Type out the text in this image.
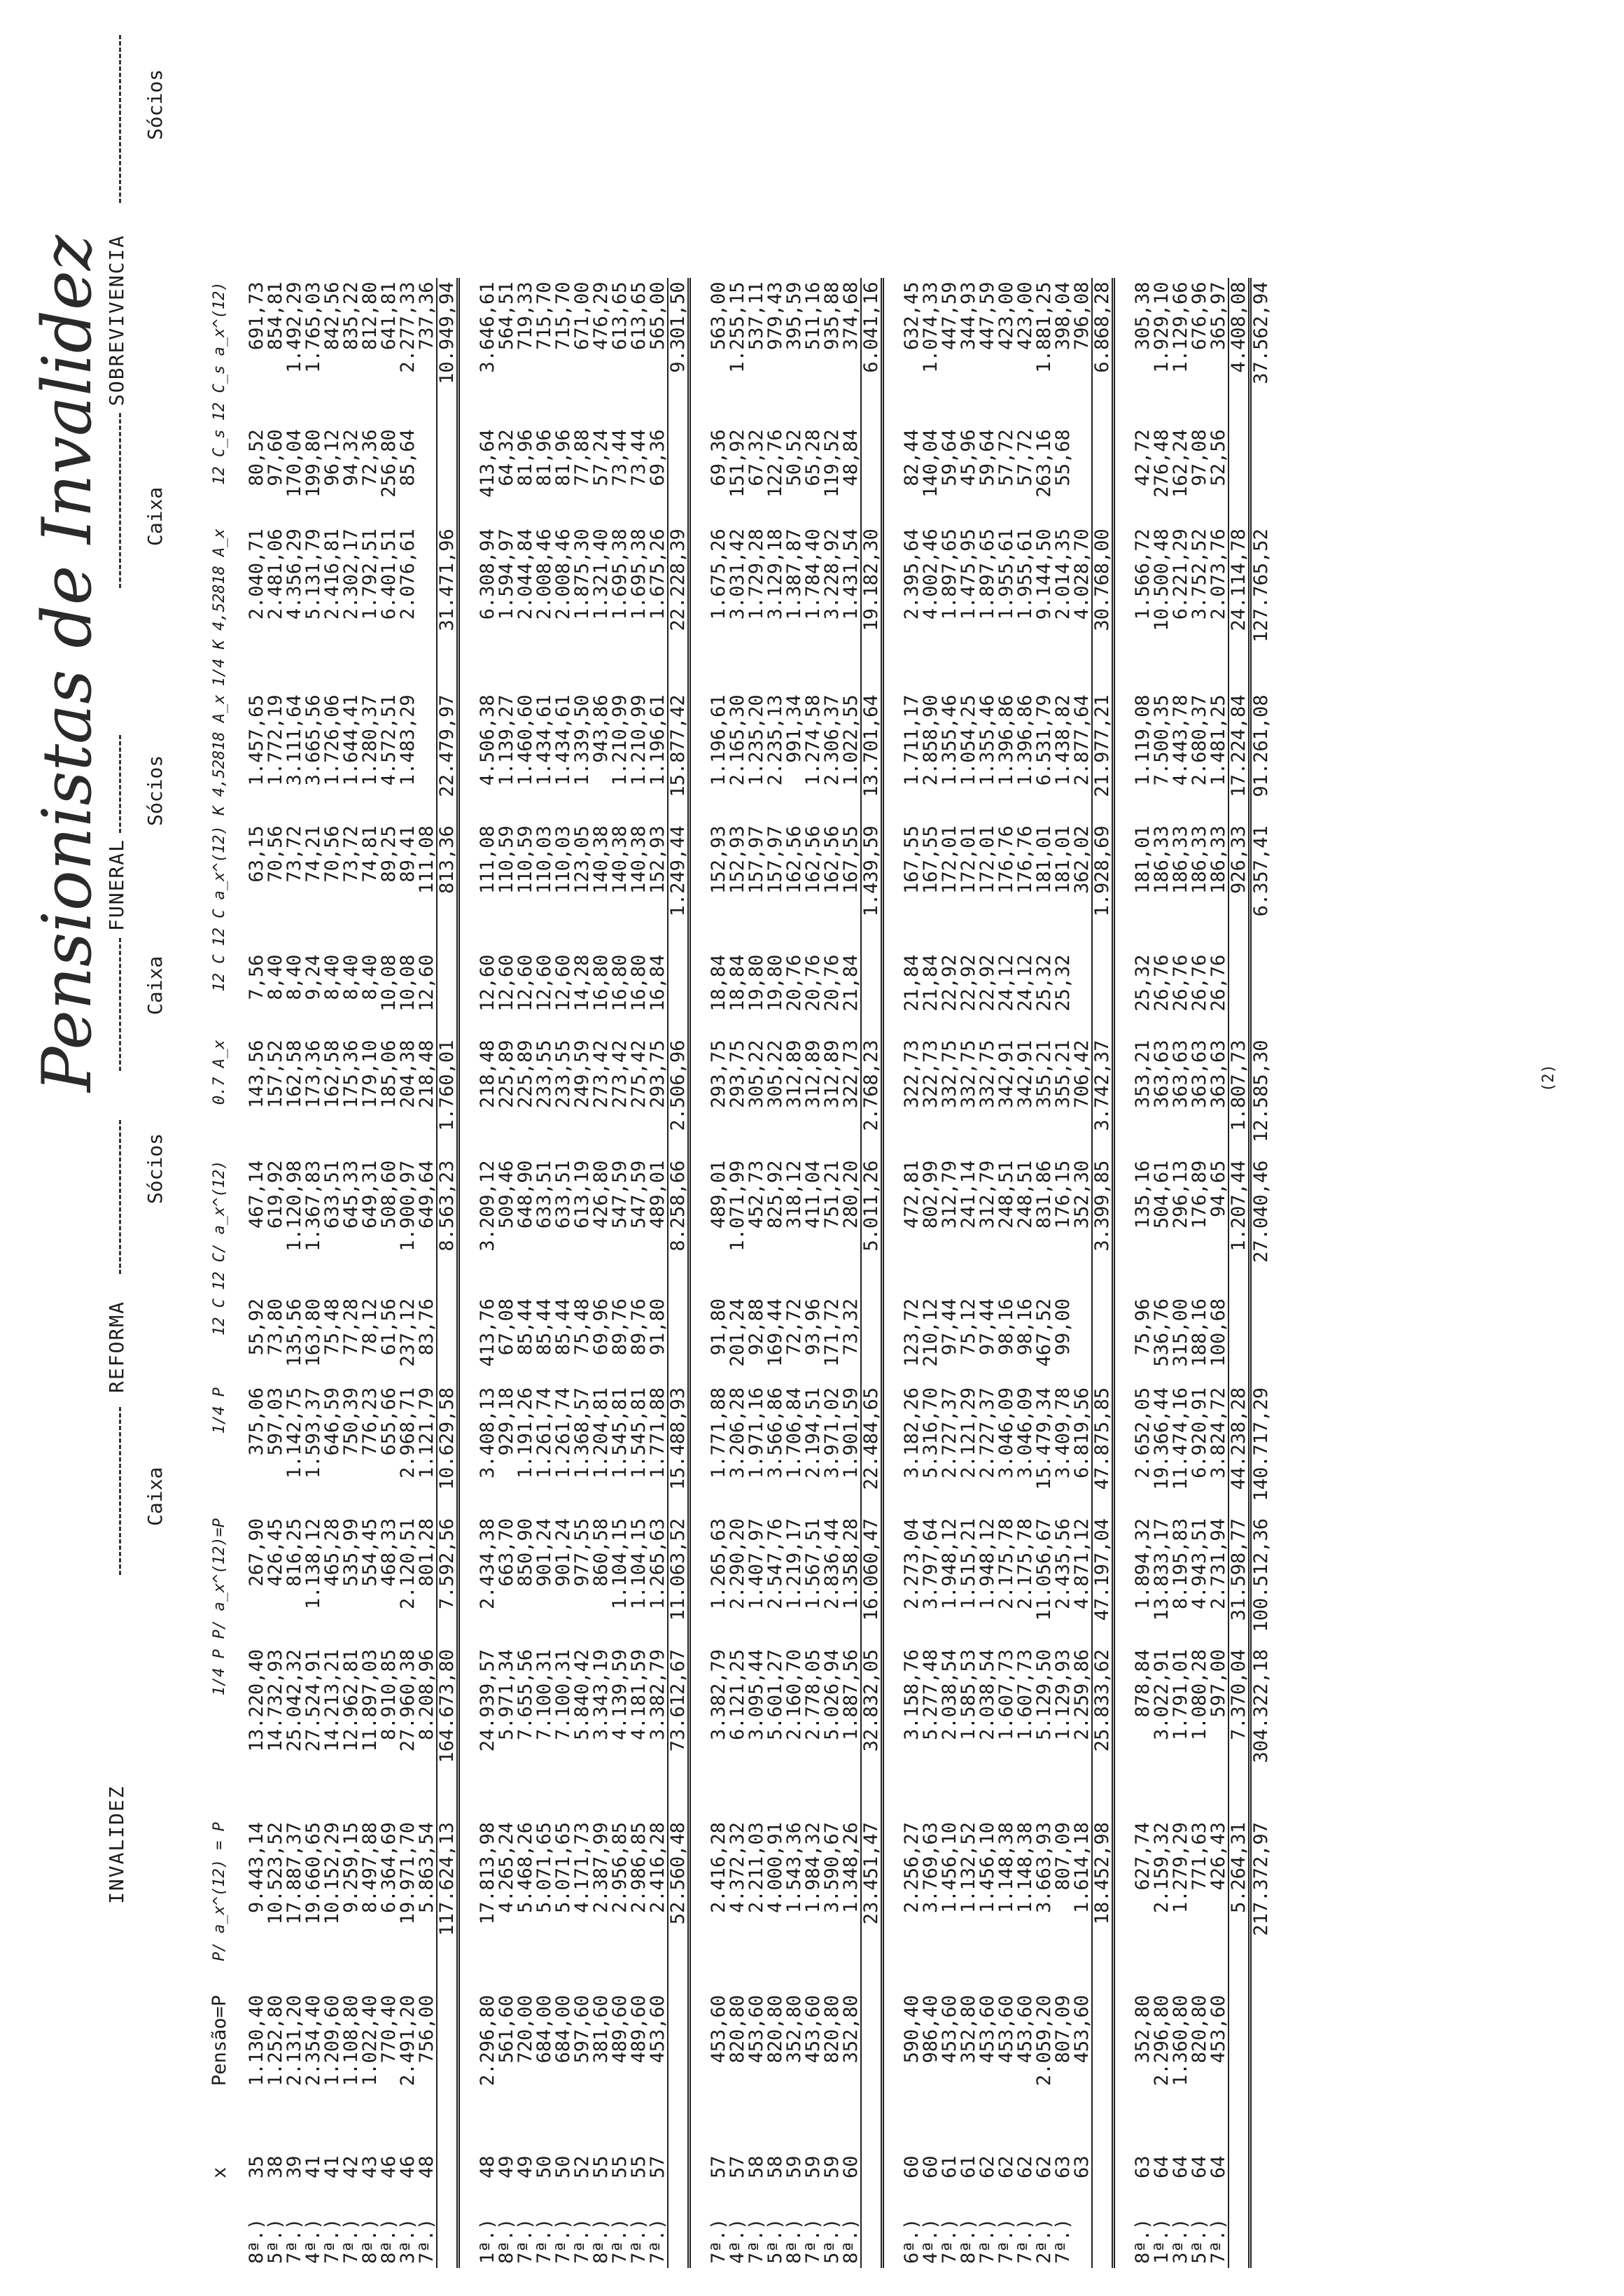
Pensionistas de Invalidez
INVALIDEZ
REFORMA
FUNERAL
SOBREVIVENCIA
Caixa
Sócios
Caixa
Sócios
Caixa
Sócios
	x	Pensão=P	P/ a_x^(12) = P	1/4 P	P/ a_x^(12)=P	1/4 P	12 C	12 C/ a_x^(12)	0.7 A_x	12 C	12 C a_x^(12)	K 4,52818 A_x	1/4 K 4,52818 A_x	12 C_s	12 C_s a_x^(12)

8ª.)	35	1.130,40	9.443,14	13.220,40	267,90	375,06	55,92	467,14	143,56	7,56	63,15	1.457,65	2.040,71	80,52	691,73
5ª.)	38	1.252,80	10.523,52	14.732,93	426,45	597,03	73,80	619,92	157,52	8,40	70,56	1.772,19	2.481,06	97,60	854,81
7ª.)	39	2.131,20	17.887,37	25.042,32	816,25	1.142,75	135,56	1.120,98	162,58	8,40	73,72	3.111,64	4.356,29	170,04	1.492,29
4ª.)	41	2.354,40	19.660,65	27.524,91	1.138,12	1.593,37	163,80	1.367,83	173,36	9,24	74,21	3.665,56	5.131,79	199,80	1.765,03
7ª.)	41	1.209,60	10.152,29	14.213,21	465,28	646,59	75,48	633,51	162,58	8,40	70,56	1.726,06	2.416,81	96,12	842,56
7ª.)	42	1.108,80	9.259,15	12.962,81	535,99	750,39	77,28	645,33	175,36	8,40	73,72	1.644,41	2.302,17	94,32	835,22
8ª.)	43	1.022,40	8.497,88	11.897,03	554,45	776,23	78,12	649,31	179,10	8,40	74,81	1.280,37	1.792,51	72,36	812,80
8ª.)	46	770,40	6.364,69	8.910,85	468,33	655,66	61,56	508,60	185,06	10,08	89,25	4.572,51	6.401,51	256,80	641,81
3ª.)	46	2.491,20	19.971,70	27.960,38	2.120,51	2.968,71	237,12	1.900,97	204,38	10,08	89,41	1.483,29	2.076,61	85,64	2.277,33
7ª.)	48	756,00	5.863,54	8.208,96	801,28	1.121,79	83,76	649,64	218,48	12,60	111,08				737,36
			117.624,13	164.673,80	7.592,56	10.629,58		8.563,23	1.760,01		813,36	22.479,97	31.471,96		10.949,94

1ª.)	48	2.296,80	17.813,98	24.939,57	2.434,38	3.408,13	413,76	3.209,12	218,48	12,60	111,08	4.506,38	6.308,94	413,64	3.646,61
8ª.)	49	561,60	4.265,24	5.971,34	663,70	929,18	67,08	509,46	225,89	12,60	110,59	1.139,27	1.594,97	64,32	564,51
7ª.)	49	720,00	5.468,26	7.655,56	850,90	1.191,26	85,44	648,90	225,89	12,60	110,59	1.460,60	2.044,84	81,96	719,33
7ª.)	50	684,00	5.071,65	7.100,31	901,24	1.261,74	85,44	633,51	233,55	12,60	110,03	1.434,61	2.008,46	81,96	715,70
7ª.)	50	684,00	5.071,65	7.100,31	901,24	1.261,74	85,44	633,51	233,55	12,60	110,03	1.434,61	2.008,46	81,96	715,70
7ª.)	52	597,60	4.171,73	5.840,42	977,55	1.368,57	75,48	613,19	249,59	14,28	123,05	1.339,50	1.875,30	77,88	671,00
8ª.)	55	381,60	2.387,99	3.343,19	860,58	1.204,81	69,96	426,80	273,42	16,80	140,38	943,86	1.321,40	57,24	476,29
7ª.)	55	489,60	2.956,85	4.139,59	1.104,15	1.545,81	89,76	547,59	273,42	16,80	140,38	1.210,99	1.695,38	73,44	613,65
7ª.)	55	489,60	2.986,85	4.181,59	1.104,15	1.545,81	89,76	547,59	275,42	16,80	140,38	1.210,99	1.695,38	73,44	613,65
7ª.)	57	453,60	2.416,28	3.382,79	1.265,63	1.771,88	91,80	489,01	293,75	16,84	152,93	1.196,61	1.675,26	69,36	565,00
			52.560,48	73.612,67	11.063,52	15.488,93		8.258,66	2.506,96		1.249,44	15.877,42	22.228,39		9.301,50

7ª.)	57	453,60	2.416,28	3.382,79	1.265,63	1.771,88	91,80	489,01	293,75	18,84	152,93	1.196,61	1.675,26	69,36	563,00
4ª.)	57	820,80	4.372,32	6.121,25	2.290,20	3.206,28	201,24	1.071,99	293,75	18,84	152,93	2.165,30	3.031,42	151,92	1.255,15
7ª.)	58	453,60	2.211,03	3.095,44	1.407,97	1.971,16	92,88	452,73	305,22	19,80	157,97	1.235,20	1.729,28	67,32	537,11
5ª.)	58	820,80	4.000,91	5.601,27	2.547,76	3.566,86	169,44	825,92	305,22	19,80	157,97	2.235,13	3.129,18	122,76	979,43
8ª.)	59	352,80	1.543,36	2.160,70	1.219,17	1.706,84	72,72	318,12	312,89	20,76	162,56	991,34	1.387,87	50,52	395,59
7ª.)	59	453,60	1.984,32	2.778,05	1.567,51	2.194,51	93,96	411,04	312,89	20,76	162,56	1.274,58	1.784,40	65,28	511,16
5ª.)	59	820,80	3.590,67	5.026,94	2.836,44	3.971,02	171,72	751,21	312,89	20,76	162,56	2.306,37	3.228,92	119,52	935,88
8ª.)	60	352,80	1.348,26	1.887,56	1.358,28	1.901,59	73,32	280,20	322,73	21,84	167,55	1.022,55	1.431,54	48,84	374,68
			23.451,47	32.832,05	16.060,47	22.484,65		5.011,26	2.768,23		1.439,59	13.701,64	19.182,30		6.041,16

6ª.)	60	590,40	2.256,27	3.158,76	2.273,04	3.182,26	123,72	472,81	322,73	21,84	167,55	1.711,17	2.395,64	82,44	632,45
4ª.)	60	986,40	3.769,63	5.277,48	3.797,64	5.316,70	210,12	802,99	322,73	21,84	167,55	2.858,90	4.002,46	140,04	1.074,33
7ª.)	61	453,60	1.456,10	2.038,54	1.948,12	2.727,37	97,44	312,79	332,75	22,92	172,01	1.355,46	1.897,65	59,64	447,59
8ª.)	61	352,80	1.132,52	1.585,53	1.515,21	2.121,29	75,12	241,14	332,75	22,92	172,01	1.054,25	1.475,95	45,96	344,93
7ª.)	62	453,60	1.456,10	2.038,54	1.948,12	2.727,37	97,44	312,79	332,75	22,92	172,01	1.355,46	1.897,65	59,64	447,59
7ª.)	62	453,60	1.148,38	1.607,73	2.175,78	3.046,09	98,16	248,51	342,91	24,12	176,76	1.396,86	1.955,61	57,72	423,00
7ª.)	62	453,60	1.148,38	1.607,73	2.175,78	3.046,09	98,16	248,51	342,91	24,12	176,76	1.396,86	1.955,61	57,72	423,00
2ª.)	62	2.059,20	3.663,93	5.129,50	11.056,67	15.479,34	467,52	831,86	355,21	25,32	181,01	6.531,79	9.144,50	263,16	1.881,25
7ª.)	63	807,09	807,09	1.129,93	2.435,56	3.409,78	99,00	176,15	355,21	25,32	181,01	1.438,82	2.014,35	55,68	398,04
	63	453,60	1.614,18	2.259,86	4.871,12	6.819,56		352,30	706,42		362,02	2.877,64	4.028,70		796,08
			18.452,98	25.833,62	47.197,04	47.875,85		3.399,85	3.742,37		1.928,69	21.977,21	30.768,00		6.868,28

8ª.)	63	352,80	627,74	878,84	1.894,32	2.652,05	75,96	135,16	353,21	25,32	181,01	1.119,08	1.566,72	42,72	305,38
1ª.)	64	2.296,80	2.159,32	3.022,91	13.833,17	19.366,44	536,76	504,61	363,63	26,76	186,33	7.500,35	10.500,48	276,48	1.929,10
3ª.)	64	1.360,80	1.279,29	1.791,01	8.195,83	11.474,16	315,00	296,13	363,63	26,76	186,33	4.443,78	6.221,29	162,24	1.129,66
5ª.)	64	820,80	771,63	1.080,28	4.943,51	6.920,91	188,16	176,89	363,63	26,76	186,33	2.680,37	3.752,52	97,08	676,96
7ª.)	64	453,60	426,43	597,00	2.731,94	3.824,72	100,68	94,65	363,63	26,76	186,33	1.481,25	2.073,76	52,56	365,97
			5.264,31	7.370,04	31.598,77	44.238,28		1.207,44	1.807,73		926,33	17.224,84	24.114,78		4.408,08
			217.372,97	304.322,18	100.512,36	140.717,29		27.040,46	12.585,30		6.357,41	91.261,08	127.765,52		37.562,94
(2)
